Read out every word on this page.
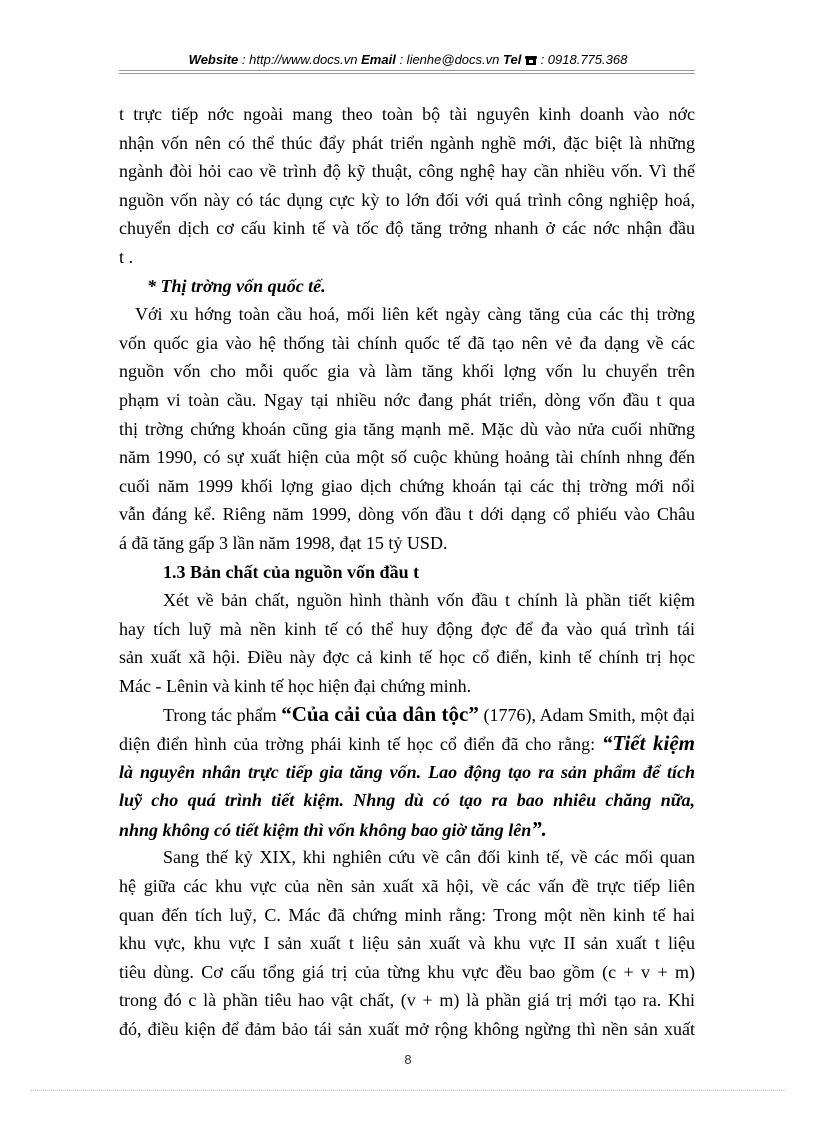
Website : http://www.docs.vn Email : lienhe@docs.vn Tel : 0918.775.368
t trực tiếp nớc ngoài mang theo toàn bộ tài nguyên kinh doanh vào nớc
nhận vốn nên có thể thúc đẩy phát triển ngành nghề mới, đặc biệt là những
ngành đòi hỏi cao về trình độ kỹ thuật, công nghệ hay cần nhiều vốn. Vì thế
nguồn vốn này có tác dụng cực kỳ to lớn đối với quá trình công nghiệp hoá,
chuyển dịch cơ cấu kinh tế và tốc độ tăng trởng nhanh ở các nớc nhận đầu
t .
* Thị trờng vốn quốc tế.
Với xu hớng toàn cầu hoá, mối liên kết ngày càng tăng của các thị trờng
vốn quốc gia vào hệ thống tài chính quốc tế đã tạo nên vẻ đa dạng về các
nguồn vốn cho mỗi quốc gia và làm tăng khối lợng vốn lu chuyển trên
phạm vi toàn cầu. Ngay tại nhiều nớc đang phát triển, dòng vốn đầu t qua
thị trờng chứng khoán cũng gia tăng mạnh mẽ. Mặc dù vào nửa cuối những
năm 1990, có sự xuất hiện của một số cuộc khủng hoảng tài chính nhng đến
cuối năm 1999 khối lợng giao dịch chứng khoán tại các thị trờng mới nổi
vẫn đáng kể. Riêng năm 1999, dòng vốn đầu t dới dạng cổ phiếu vào Châu
á đã tăng gấp 3 lần năm 1998, đạt 15 tỷ USD.
1.3 Bản chất của nguồn vốn đầu t
Xét về bản chất, nguồn hình thành vốn đầu t chính là phần tiết kiệm
hay tích luỹ mà nền kinh tế có thể huy động đợc để đa vào quá trình tái
sản xuất xã hội. Điều này đợc cả kinh tế học cổ điển, kinh tế chính trị học
Mác - Lênin và kinh tế học hiện đại chứng minh.
Trong tác phẩm “Của cải của dân tộc” (1776), Adam Smith, một đại
diện điển hình của trờng phái kinh tế học cổ điển đã cho rằng: “Tiết kiệm
là nguyên nhân trực tiếp gia tăng vốn. Lao động tạo ra sản phẩm để tích
luỹ cho quá trình tiết kiệm. Nhng dù có tạo ra bao nhiêu chăng nữa,
nhng không có tiết kiệm thì vốn không bao giờ tăng lên”.
Sang thế kỷ XIX, khi nghiên cứu về cân đối kinh tế, về các mối quan
hệ giữa các khu vực của nền sản xuất xã hội, về các vấn đề trực tiếp liên
quan đến tích luỹ, C. Mác đã chứng minh rằng: Trong một nền kinh tế hai
khu vực, khu vực I sản xuất t liệu sản xuất và khu vực II sản xuất t liệu
tiêu dùng. Cơ cấu tổng giá trị của từng khu vực đều bao gồm (c + v + m)
trong đó c là phần tiêu hao vật chất, (v + m) là phần giá trị mới tạo ra. Khi
đó, điều kiện để đảm bảo tái sản xuất mở rộng không ngừng thì nền sản xuất
8
